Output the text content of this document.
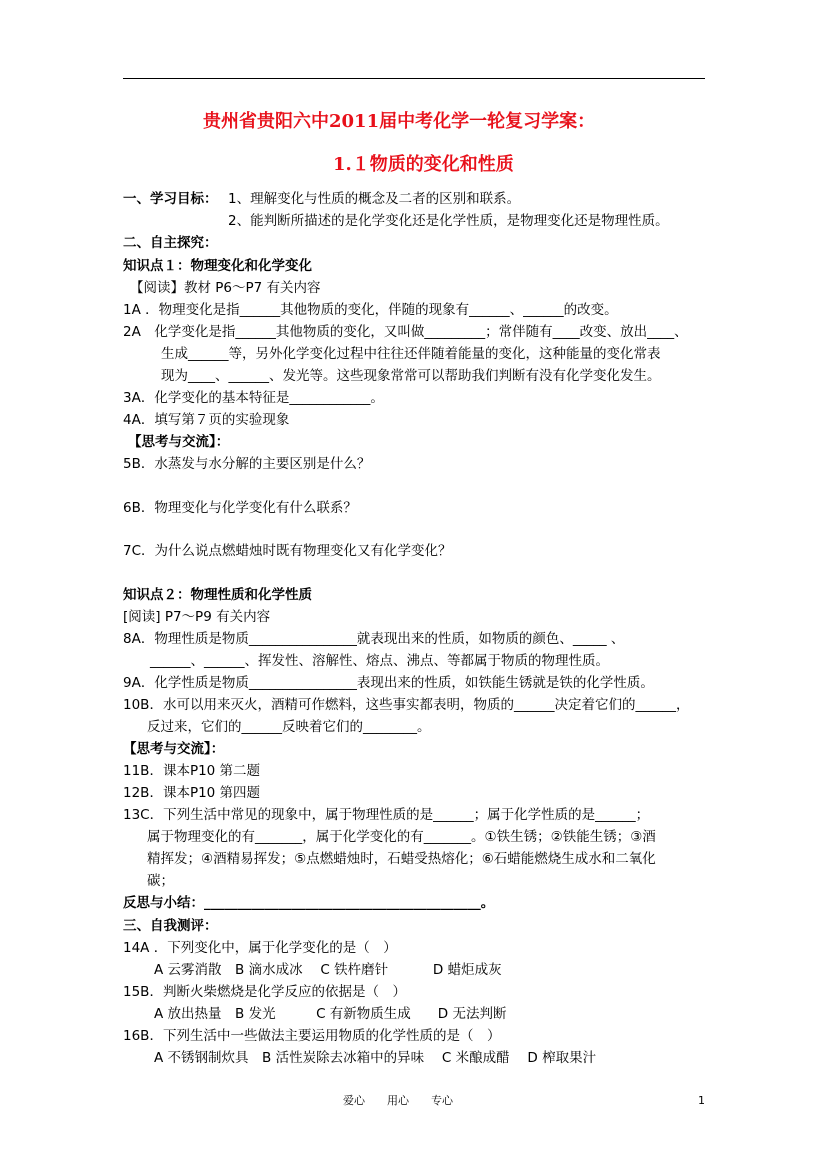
贵州省贵阳六中2011届中考化学一轮复习学案：
1.１物质的变化和性质
一、学习目标： 1、理解变化与性质的概念及二者的区别和联系。
2、能判断所描述的是化学变化还是化学性质，是物理变化还是物理性质。
二、自主探究：
知识点１：物理变化和化学变化
【阅读】教材 P6～P7 有关内容
1A ．物理变化是指______其他物质的变化，伴随的现象有______、______的改变。
2A　化学变化是指______其他物质的变化，又叫做_________；常伴随有____改变、放出____、
生成______等，另外化学变化过程中往往还伴随着能量的变化，这种能量的变化常表
现为____、______、发光等。这些现象常常可以帮助我们判断有没有化学变化发生。
3A．化学变化的基本特征是____________。
4A．填写第７页的实验现象
【思考与交流】：
5B．水蒸发与水分解的主要区别是什么？
6B．物理变化与化学变化有什么联系？
7C．为什么说点燃蜡烛时既有物理变化又有化学变化？
知识点２：物理性质和化学性质
[阅读] P7～P9 有关内容
8A．物理性质是物质________________就表现出来的性质，如物质的颜色、_____ 、
______、______、挥发性、溶解性、熔点、沸点、等都属于物质的物理性质。
9A．化学性质是物质________________表现出来的性质，如铁能生锈就是铁的化学性质。
10B．水可以用来灭火，酒精可作燃料，这些事实都表明，物质的______决定着它们的______，
反过来，它们的______反映着它们的________。
【思考与交流】：
11B．课本P10 第二题
12B．课本P10 第四题
13C．下列生活中常见的现象中，属于物理性质的是______；属于化学性质的是______；
属于物理变化的有_______，属于化学变化的有_______。①铁生锈；②铁能生锈；③酒
精挥发；④酒精易挥发；⑤点燃蜡烛时，石蜡受热熔化；⑥石蜡能燃烧生成水和二氧化
碳；
反思与小结：_________________________________________。
三、自我测评：
14A ．下列变化中，属于化学变化的是（　）
A 云雾消散　B 滴水成冰　 C 铁杵磨针　　　 D 蜡炬成灰
15B．判断火柴燃烧是化学反应的依据是（　）
A 放出热量　B 发光　　　C 有新物质生成　　D 无法判断
16B．下列生活中一些做法主要运用物质的化学性质的是（　）
A 不锈钢制炊具　B 活性炭除去冰箱中的异味　 C 米酿成醋　 D 榨取果汁
爱心　　用心　　专心	1
